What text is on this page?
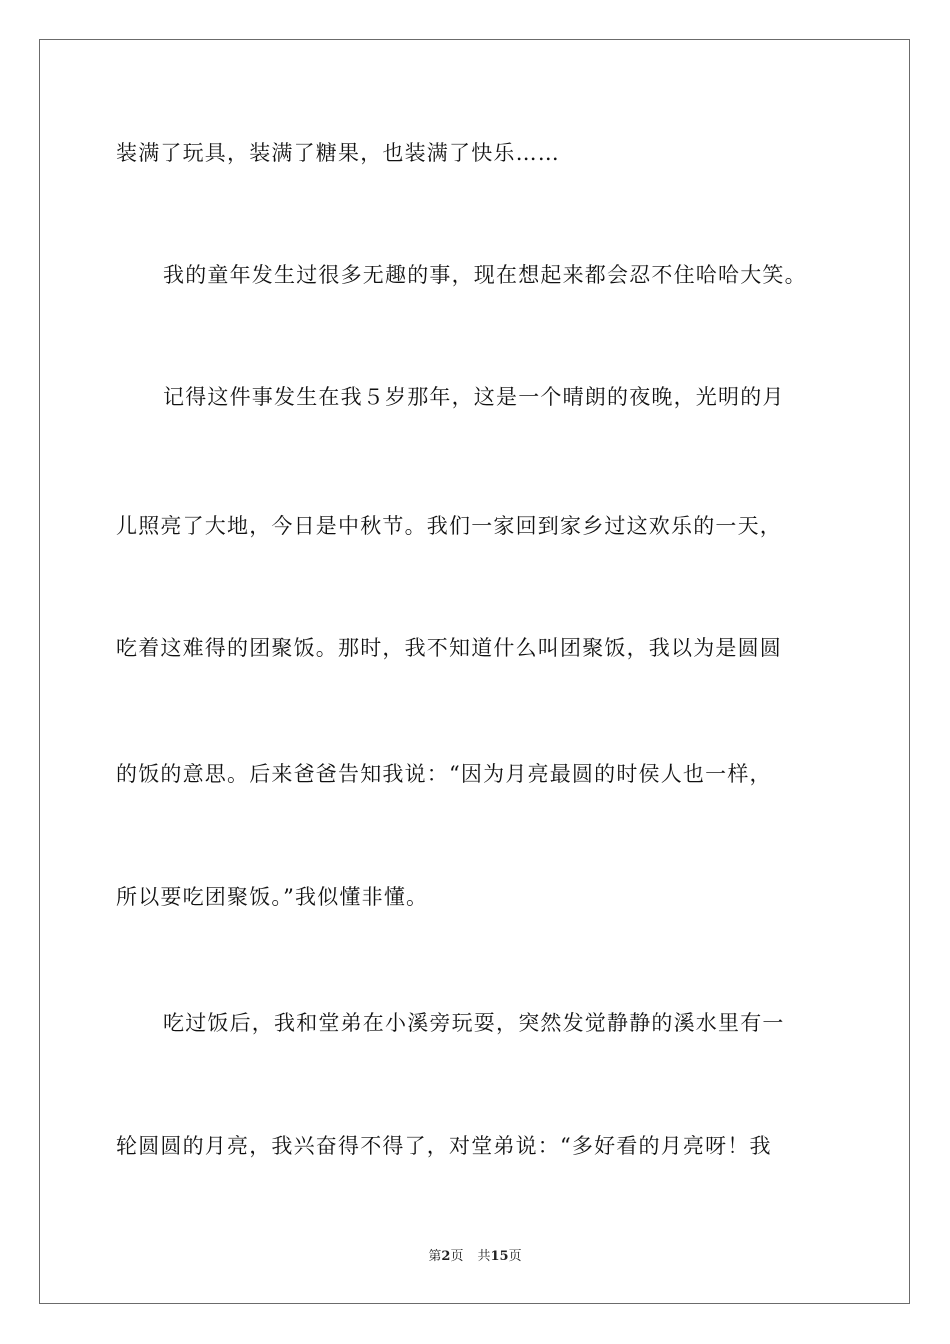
装满了玩具，装满了糖果，也装满了快乐……
我的童年发生过很多无趣的事，现在想起来都会忍不住哈哈大笑。
记得这件事发生在我５岁那年，这是一个晴朗的夜晚，光明的月
儿照亮了大地，今日是中秋节。我们一家回到家乡过这欢乐的一天，
吃着这难得的团聚饭。那时，我不知道什么叫团聚饭，我以为是圆圆
的饭的意思。后来爸爸告知我说：“因为月亮最圆的时侯人也一样，
所以要吃团聚饭。”我似懂非懂。
吃过饭后，我和堂弟在小溪旁玩耍，突然发觉静静的溪水里有一
轮圆圆的月亮，我兴奋得不得了，对堂弟说：“多好看的月亮呀！我
第2页 共15页
